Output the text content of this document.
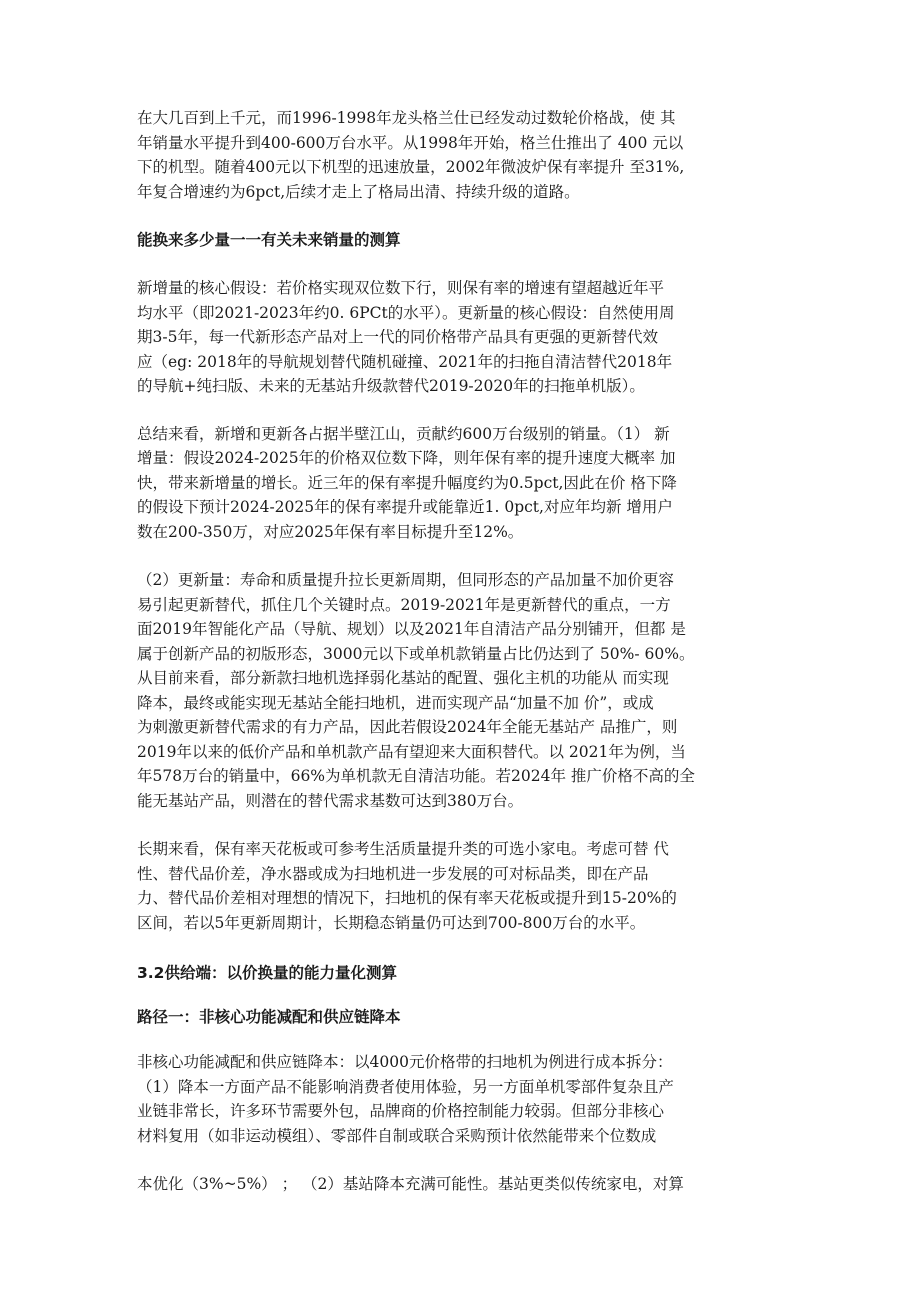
在大几百到上千元，而1996-1998年龙头格兰仕已经发动过数轮价格战，使 其
年销量水平提升到400-600万台水平。从1998年开始，格兰仕推出了 400 元以
下的机型。随着400元以下机型的迅速放量，2002年微波炉保有率提升 至31%,
年复合增速约为6pct,后续才走上了格局出清、持续升级的道路。
能换来多少量一一有关未来销量的测算
新增量的核心假设：若价格实现双位数下行，则保有率的增速有望超越近年平
均水平（即2021-2023年约0. 6PCt的水平）。更新量的核心假设：自然使用周
期3-5年，每一代新形态产品对上一代的同价格带产品具有更强的更新替代效
应（eg: 2018年的导航规划替代随机碰撞、2021年的扫拖自清洁替代2018年
的导航+纯扫版、未来的无基站升级款替代2019-2020年的扫拖单机版）。
总结来看，新增和更新各占据半壁江山，贡献约600万台级别的销量。（1） 新
增量：假设2024-2025年的价格双位数下降，则年保有率的提升速度大概率 加
快，带来新增量的增长。近三年的保有率提升幅度约为0.5pct,因此在价 格下降
的假设下预计2024-2025年的保有率提升或能靠近1. 0pct,对应年均新 增用户
数在200-350万，对应2025年保有率目标提升至12%。
（2）更新量：寿命和质量提升拉长更新周期，但同形态的产品加量不加价更容
易引起更新替代，抓住几个关键时点。2019-2021年是更新替代的重点，一方
面2019年智能化产品（导航、规划）以及2021年自清洁产品分别铺开，但都 是
属于创新产品的初版形态，3000元以下或单机款销量占比仍达到了 50%- 60%。
从目前来看，部分新款扫地机选择弱化基站的配置、强化主机的功能从 而实现
降本，最终或能实现无基站全能扫地机，进而实现产品“加量不加 价”，或成
为刺激更新替代需求的有力产品，因此若假设2024年全能无基站产 品推广，则
2019年以来的低价产品和单机款产品有望迎来大面积替代。以 2021年为例，当
年578万台的销量中，66%为单机款无自清洁功能。若2024年 推广价格不高的全
能无基站产品，则潜在的替代需求基数可达到380万台。
长期来看，保有率天花板或可参考生活质量提升类的可选小家电。考虑可替 代
性、替代品价差，净水器或成为扫地机进一步发展的可对标品类，即在产品
力、替代品价差相对理想的情况下，扫地机的保有率天花板或提升到15-20%的
区间，若以5年更新周期计，长期稳态销量仍可达到700-800万台的水平。
3.2供给端：以价换量的能力量化测算
路径一：非核心功能减配和供应链降本
非核心功能减配和供应链降本：以4000元价格带的扫地机为例进行成本拆分：
（1）降本一方面产品不能影响消费者使用体验，另一方面单机零部件复杂且产
业链非常长，许多环节需要外包，品牌商的价格控制能力较弱。但部分非核心
材料复用（如非运动模组）、零部件自制或联合采购预计依然能带来个位数成
本优化（3%~5%） ； （2）基站降本充满可能性。基站更类似传统家电，对算
